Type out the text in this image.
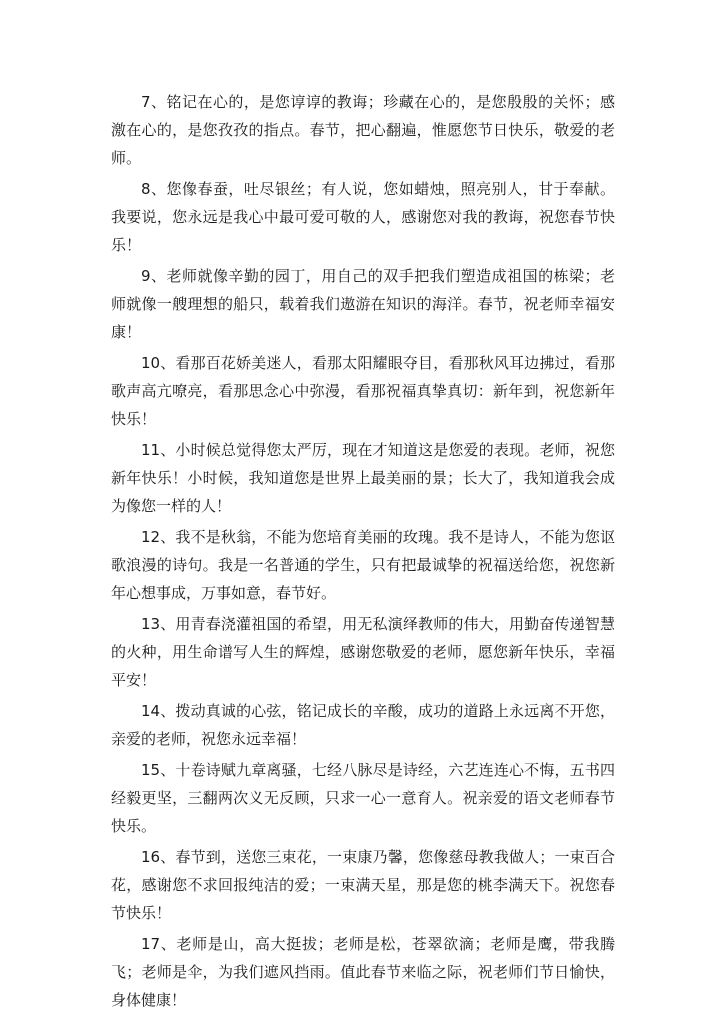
7、铭记在心的，是您谆谆的教诲；珍藏在心的，是您殷殷的关怀；感激在心的，是您孜孜的指点。春节，把心翻遍，惟愿您节日快乐，敬爱的老师。

8、您像春蚕，吐尽银丝；有人说，您如蜡烛，照亮别人，甘于奉献。我要说，您永远是我心中最可爱可敬的人，感谢您对我的教诲，祝您春节快乐！

9、老师就像辛勤的园丁，用自己的双手把我们塑造成祖国的栋梁；老师就像一艘理想的船只，载着我们遨游在知识的海洋。春节，祝老师幸福安康！

10、看那百花娇美迷人，看那太阳耀眼夺目，看那秋风耳边拂过，看那歌声高亢嘹亮，看那思念心中弥漫，看那祝福真挚真切：新年到，祝您新年快乐！

11、小时候总觉得您太严厉，现在才知道这是您爱的表现。老师，祝您新年快乐！小时候，我知道您是世界上最美丽的景；长大了，我知道我会成为像您一样的人！

12、我不是秋翁，不能为您培育美丽的玫瑰。我不是诗人，不能为您讴歌浪漫的诗句。我是一名普通的学生，只有把最诚挚的祝福送给您，祝您新年心想事成，万事如意，春节好。

13、用青春浇灌祖国的希望，用无私演绎教师的伟大，用勤奋传递智慧的火种，用生命谱写人生的辉煌，感谢您敬爱的老师，愿您新年快乐，幸福平安！

14、拨动真诚的心弦，铭记成长的辛酸，成功的道路上永远离不开您，亲爱的老师，祝您永远幸福！

15、十卷诗赋九章离骚，七经八脉尽是诗经，六艺连连心不悔，五书四经毅更坚，三翻两次义无反顾，只求一心一意育人。祝亲爱的语文老师春节快乐。

16、春节到，送您三束花，一束康乃馨，您像慈母教我做人；一束百合花，感谢您不求回报纯洁的爱；一束满天星，那是您的桃李满天下。祝您春节快乐！

17、老师是山，高大挺拔；老师是松，苍翠欲滴；老师是鹰，带我腾飞；老师是伞，为我们遮风挡雨。值此春节来临之际，祝老师们节日愉快，身体健康！
